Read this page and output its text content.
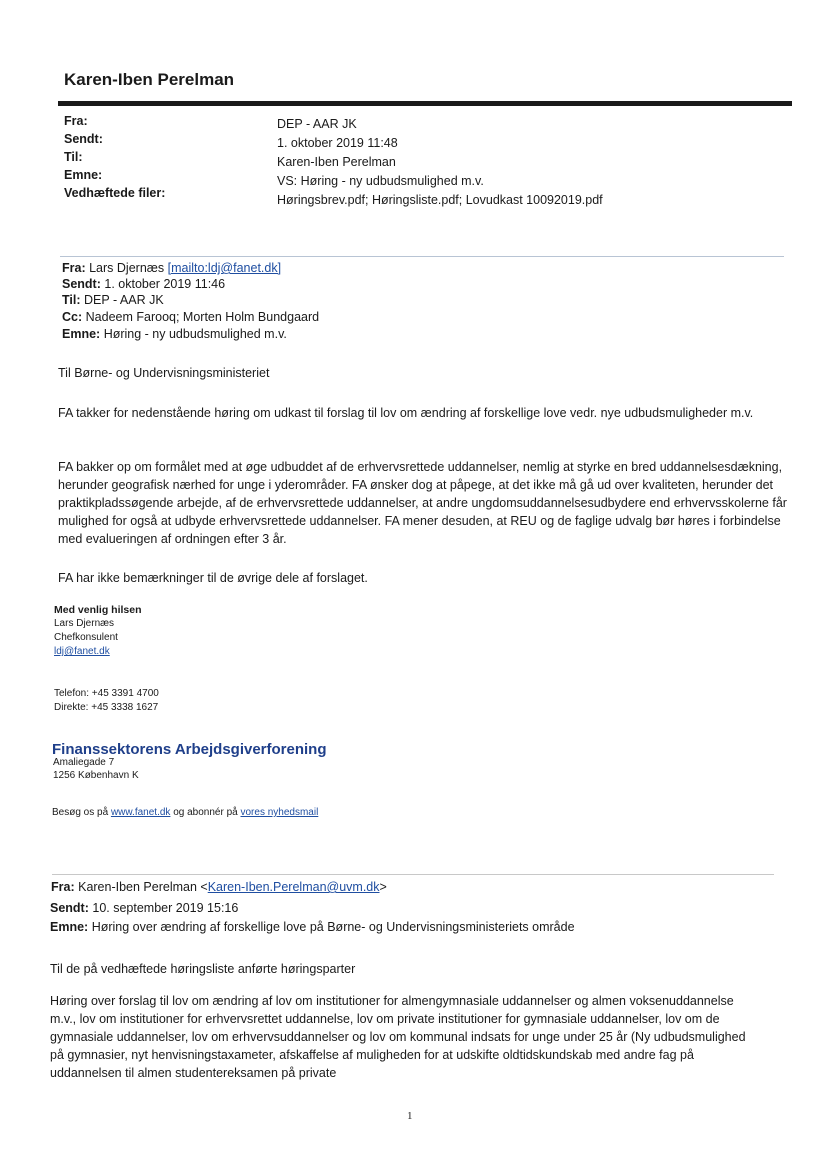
Karen-Iben Perelman
Fra:
Sendt:
Til:
Emne:
Vedhæftede filer:
DEP - AAR JK
1. oktober 2019 11:48
Karen-Iben Perelman
VS: Høring - ny udbudsmulighed m.v.
Høringsbrev.pdf; Høringsliste.pdf; Lovudkast 10092019.pdf
Fra: Lars Djernæs [mailto:ldj@fanet.dk]
Sendt: 1. oktober 2019 11:46
Til: DEP - AAR JK
Cc: Nadeem Farooq; Morten Holm Bundgaard
Emne: Høring - ny udbudsmulighed m.v.
Til Børne- og Undervisningsministeriet
FA takker for nedenstående høring om udkast til forslag til lov om ændring af forskellige love vedr. nye udbudsmuligheder m.v.
FA bakker op om formålet med at øge udbuddet af de erhvervsrettede uddannelser, nemlig at styrke en bred uddannelsesdækning, herunder geografisk nærhed for unge i yderområder. FA ønsker dog at påpege, at det ikke må gå ud over kvaliteten, herunder det praktikpladssøgende arbejde, af de erhvervsrettede uddannelser, at andre ungdomsuddannelsesudbydere end erhvervsskolerne får mulighed for også at udbyde erhvervsrettede uddannelser. FA mener desuden, at REU og de faglige udvalg bør høres i forbindelse med evalueringen af ordningen efter 3 år.
FA har ikke bemærkninger til de øvrige dele af forslaget.
Med venlig hilsen
Lars Djernæs
Chefkonsulent
ldj@fanet.dk
Telefon: +45 3391 4700
Direkte: +45 3338 1627
Finanssektorens Arbejdsgiverforening
Amaliegade 7
1256 København K
Besøg os på www.fanet.dk og abonnér på vores nyhedsmail
Fra: Karen-Iben Perelman <Karen-Iben.Perelman@uvm.dk>
Sendt: 10. september 2019 15:16
Emne: Høring over ændring af forskellige love på Børne- og Undervisningsministeriets område
Til de på vedhæftede høringsliste anførte høringsparter
Høring over forslag til lov om ændring af lov om institutioner for almengymnasiale uddannelser og almen voksenuddannelse m.v., lov om institutioner for erhvervsrettet uddannelse, lov om private institutioner for gymnasiale uddannelser, lov om de gymnasiale uddannelser, lov om erhvervsuddannelser og lov om kommunal indsats for unge under 25 år (Ny udbudsmulighed på gymnasier, nyt henvisningstaxameter, afskaffelse af muligheden for at udskifte oldtidskundskab med andre fag på uddannelsen til almen studentereksamen på private
1
